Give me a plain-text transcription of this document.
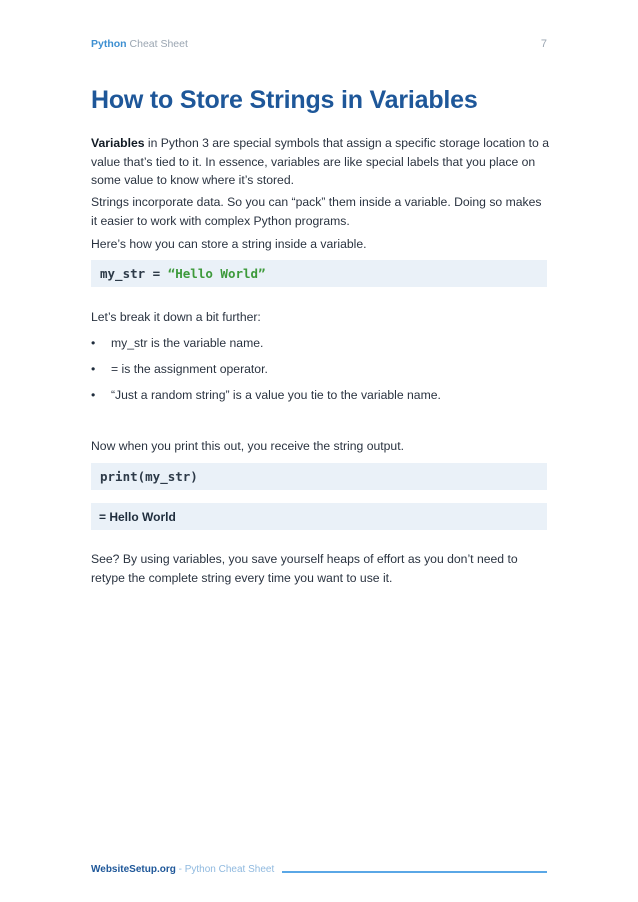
Python Cheat Sheet	7
How to Store Strings in Variables

Variables in Python 3 are special symbols that assign a specific storage location to a value that’s tied to it. In essence, variables are like special labels that you place on some value to know where it’s stored.

Strings incorporate data. So you can “pack” them inside a variable. Doing so makes it easier to work with complex Python programs.

Here’s how you can store a string inside a variable.

my_str = “Hello World”

Let’s break it down a bit further:

• my_str is the variable name.
• = is the assignment operator.
• “Just a random string” is a value you tie to the variable name.

Now when you print this out, you receive the string output.

print(my_str)
= Hello World

See? By using variables, you save yourself heaps of effort as you don’t need to retype the complete string every time you want to use it.

WebsiteSetup.org - Python Cheat Sheet
